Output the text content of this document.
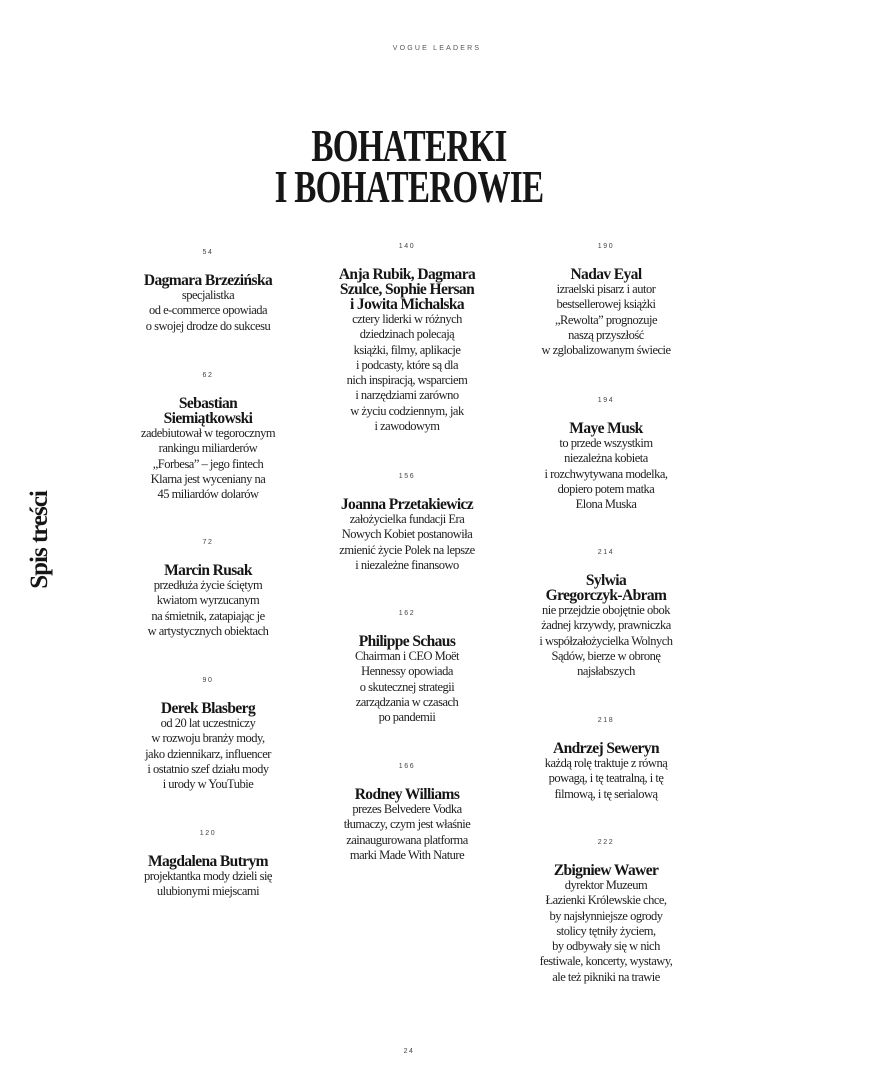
VOGUE LEADERS
BOHATERKI
I BOHATEROWIE
Spis treści
54
Dagmara Brzezińska
specjalistka
od e-commerce opowiada
o swojej drodze do sukcesu
62
Sebastian
Siemiątkowski
zadebiutował w tegorocznym
rankingu miliarderów
„Forbesa” – jego fintech
Klarna jest wyceniany na
45 miliardów dolarów
72
Marcin Rusak
przedłuża życie ściętym
kwiatom wyrzucanym
na śmietnik, zatapiając je
w artystycznych obiektach
90
Derek Blasberg
od 20 lat uczestniczy
w rozwoju branży mody,
jako dziennikarz, influencer
i ostatnio szef działu mody
i urody w YouTubie
120
Magdalena Butrym
projektantka mody dzieli się
ulubionymi miejscami
140
Anja Rubik, Dagmara
Szulce, Sophie Hersan
i Jowita Michalska
cztery liderki w różnych
dziedzinach polecają
książki, filmy, aplikacje
i podcasty, które są dla
nich inspiracją, wsparciem
i narzędziami zarówno
w życiu codziennym, jak
i zawodowym
156
Joanna Przetakiewicz
założycielka fundacji Era
Nowych Kobiet postanowiła
zmienić życie Polek na lepsze
i niezależne finansowo
162
Philippe Schaus
Chairman i CEO Moët
Hennessy opowiada
o skutecznej strategii
zarządzania w czasach
po pandemii
166
Rodney Williams
prezes Belvedere Vodka
tłumaczy, czym jest właśnie
zainaugurowana platforma
marki Made With Nature
190
Nadav Eyal
izraelski pisarz i autor
bestsellerowej książki
„Rewolta” prognozuje
naszą przyszłość
w zglobalizowanym świecie
194
Maye Musk
to przede wszystkim
niezależna kobieta
i rozchwytywana modelka,
dopiero potem matka
Elona Muska
214
Sylwia
Gregorczyk-Abram
nie przejdzie obojętnie obok
żadnej krzywdy, prawniczka
i współzałożycielka Wolnych
Sądów, bierze w obronę
najsłabszych
218
Andrzej Seweryn
każdą rolę traktuje z równą
powagą, i tę teatralną, i tę
filmową, i tę serialową
222
Zbigniew Wawer
dyrektor Muzeum
Łazienki Królewskie chce,
by najsłynniejsze ogrody
stolicy tętniły życiem,
by odbywały się w nich
festiwale, koncerty, wystawy,
ale też pikniki na trawie
24
